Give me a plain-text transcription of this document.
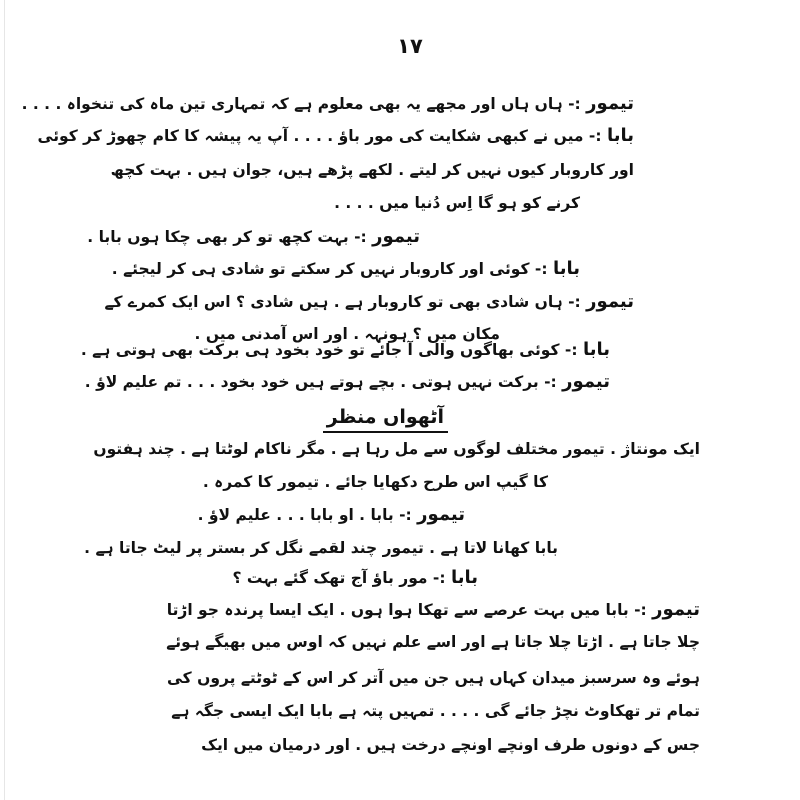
۱۷
تیمور :- ہاں ہاں اور مجھے یہ بھی معلوم ہے کہ تمہاری تین ماہ کی تنخواہ . . . .
بابا :- میں نے کبھی شکایت کی مور باؤ . . . . آپ یہ پیشہ کا کام چھوڑ کر کوئی
اور کاروبار کیوں نہیں کر لیتے . لکھے پڑھے ہیں، جوان ہیں . بہت کچھ
کرنے کو ہو گا اِس دُنیا میں . . . .
تیمور :- بہت کچھ تو کر بھی چکا ہوں بابا .
بابا :- کوئی اور کاروبار نہیں کر سکتے تو شادی ہی کر لیجئے .
تیمور :- ہاں شادی بھی تو کاروبار ہے . ہیں شادی ؟ اس ایک کمرے کے
مکان میں ؟ ہونہہ . اور اس آمدنی میں .
بابا :- کوئی بھاگوں والی آ جائے تو خود بخود ہی برکت بھی ہوتی ہے .
تیمور :- برکت نہیں ہوتی . بچے ہوتے ہیں خود بخود . . . تم علیم لاؤ .
آٹھواں منظر
ایک مونتاژ . تیمور مختلف لوگوں سے مل رہا ہے . مگر ناکام لوٹتا ہے . چند ہفتوں
کا گیپ اس طرح دکھایا جائے . تیمور کا کمرہ .
تیمور :- بابا . او بابا . . . علیم لاؤ .
بابا کھانا لاتا ہے . تیمور چند لقمے نگل کر بستر پر لیٹ جاتا ہے .
بابا :- مور باؤ آج تھک گئے بہت ؟
تیمور :- بابا میں بہت عرصے سے تھکا ہوا ہوں . ایک ایسا پرندہ جو اڑتا
چلا جاتا ہے . اڑتا چلا جاتا ہے اور اسے علم نہیں کہ اوس میں بھیگے ہوئے
ہوئے وہ سرسبز میدان کہاں ہیں جن میں آتر کر اس کے ٹوٹتے پروں کی
تمام تر تھکاوٹ نچڑ جائے گی . . . . تمہیں پتہ ہے بابا ایک ایسی جگہ ہے
جس کے دونوں طرف اونچے اونچے درخت ہیں . اور درمیان میں ایک
